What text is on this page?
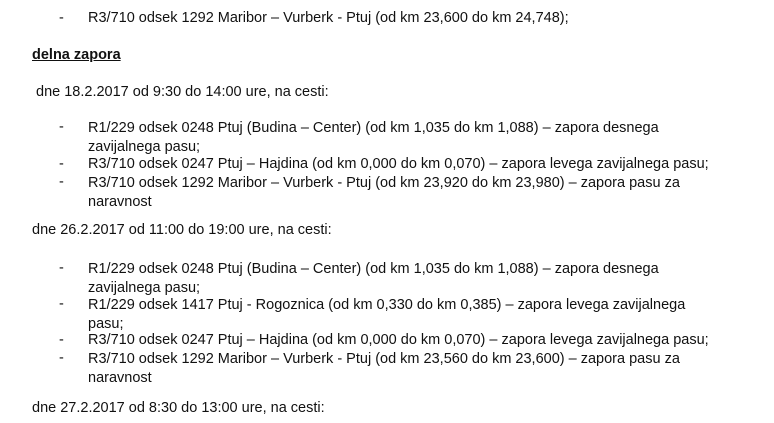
- R3/710 odsek 1292 Maribor – Vurberk - Ptuj (od km 23,600 do km 24,748);
delna zapora
dne 18.2.2017 od 9:30 do 14:00 ure, na cesti:
- R1/229 odsek 0248 Ptuj (Budina – Center) (od km 1,035 do km 1,088) – zapora desnega
zavijalnega pasu;
- R3/710 odsek 0247 Ptuj – Hajdina (od km 0,000 do km 0,070) – zapora levega zavijalnega pasu;
- R3/710 odsek 1292 Maribor – Vurberk - Ptuj (od km 23,920 do km 23,980) – zapora pasu za
naravnost
dne 26.2.2017 od 11:00 do 19:00 ure, na cesti:
- R1/229 odsek 0248 Ptuj (Budina – Center) (od km 1,035 do km 1,088) – zapora desnega
zavijalnega pasu;
- R1/229 odsek 1417 Ptuj - Rogoznica (od km 0,330 do km 0,385) – zapora levega zavijalnega
pasu;
- R3/710 odsek 0247 Ptuj – Hajdina (od km 0,000 do km 0,070) – zapora levega zavijalnega pasu;
- R3/710 odsek 1292 Maribor – Vurberk - Ptuj (od km 23,560 do km 23,600) – zapora pasu za
naravnost
dne 27.2.2017 od 8:30 do 13:00 ure, na cesti:
